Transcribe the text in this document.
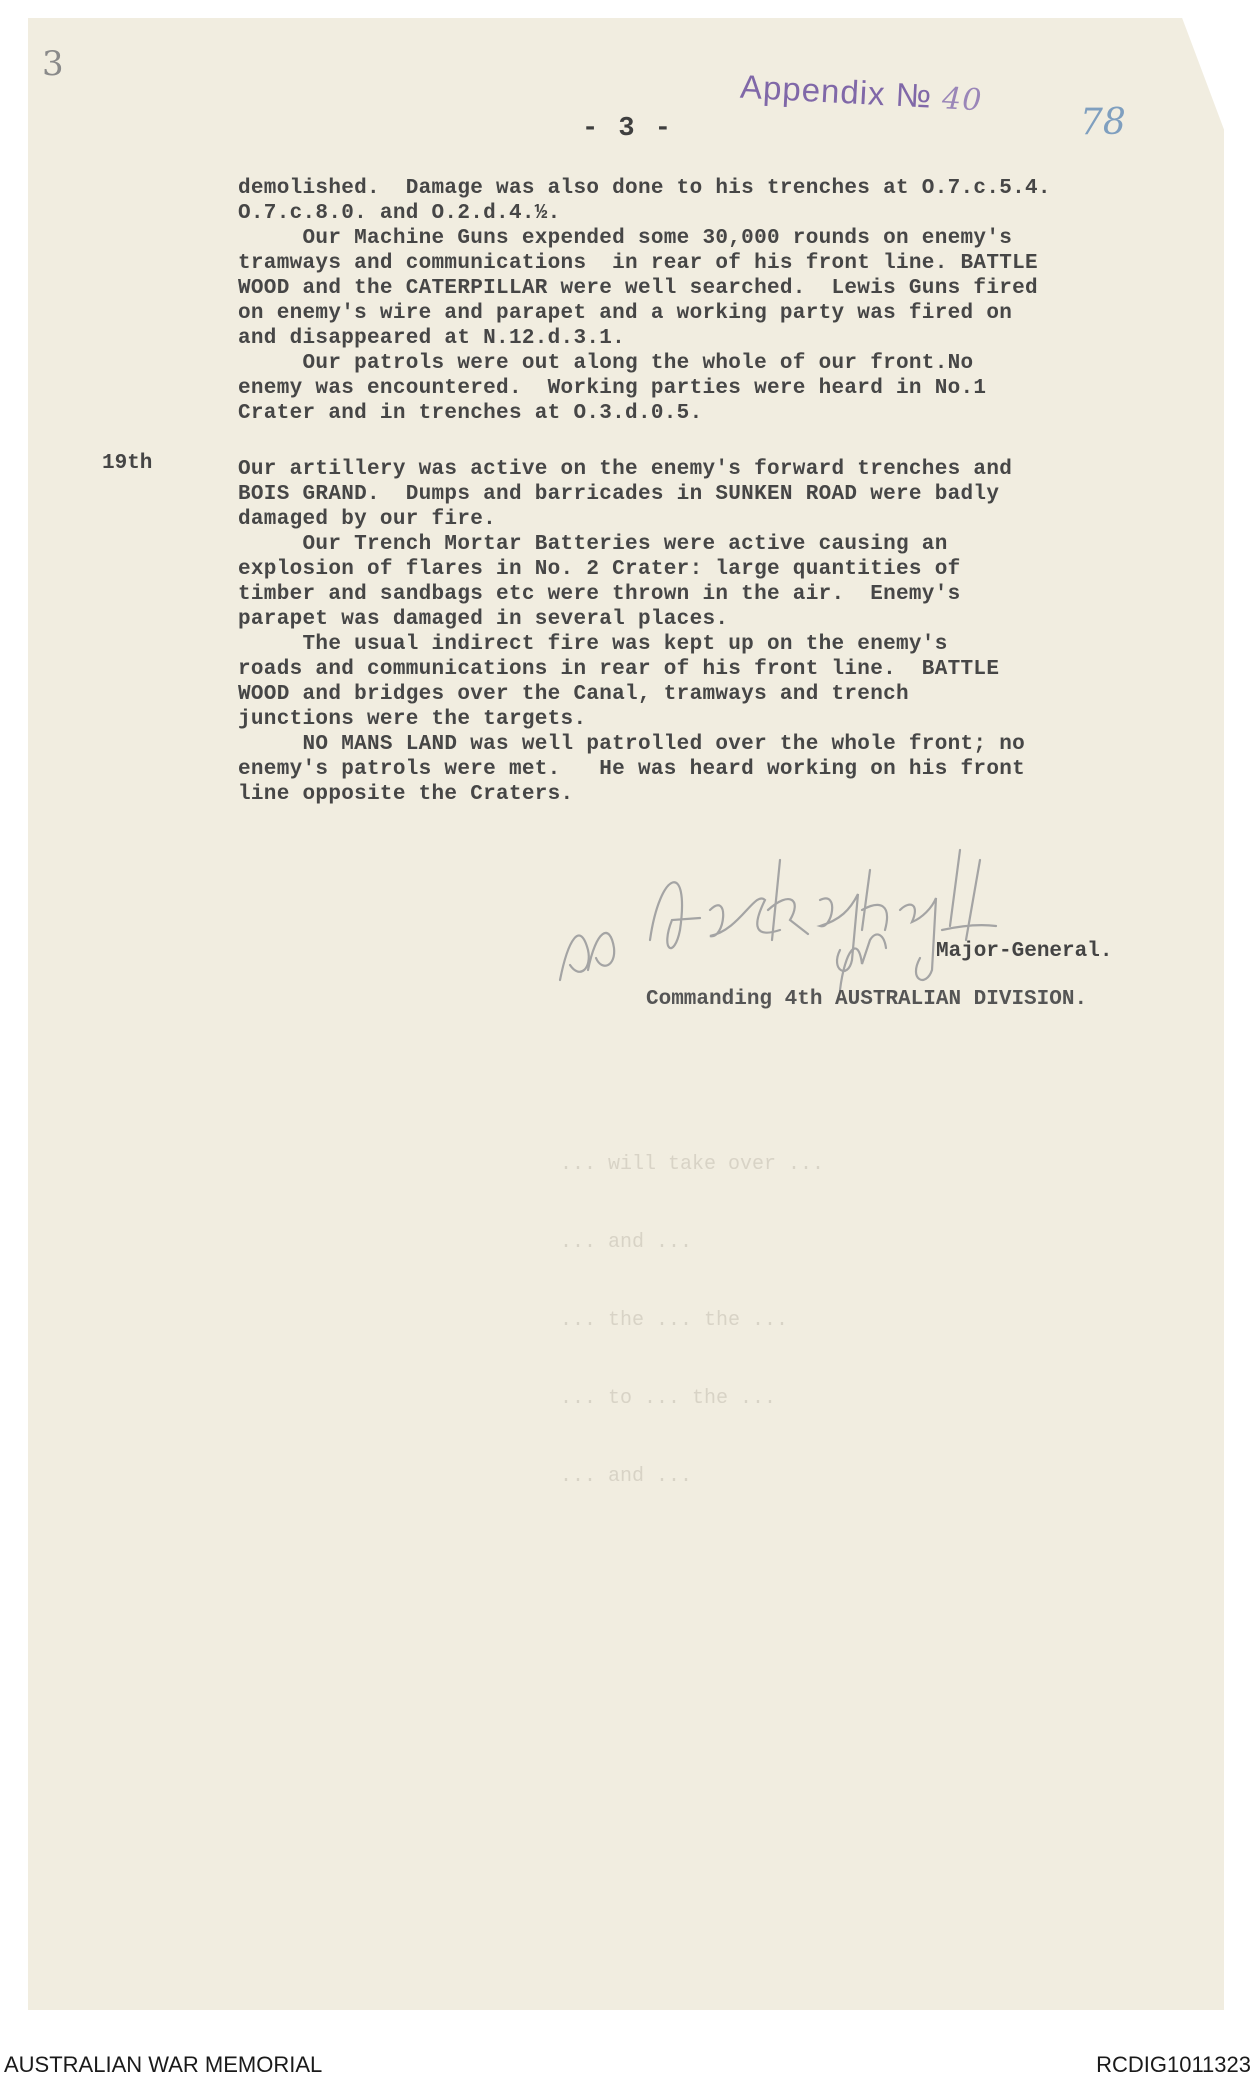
3
- 3 -
Appendix № 40
78
demolished.  Damage was also done to his trenches at O.7.c.5.4.
O.7.c.8.0. and O.2.d.4.½.
Our Machine Guns expended some 30,000 rounds on enemy's
tramways and communications  in rear of his front line. BATTLE
WOOD and the CATERPILLAR were well searched.  Lewis Guns fired
on enemy's wire and parapet and a working party was fired on
and disappeared at N.12.d.3.1.
Our patrols were out along the whole of our front.No
enemy was encountered.  Working parties were heard in No.1
Crater and in trenches at O.3.d.0.5.
19th	Our artillery was active on the enemy's forward trenches and
BOIS GRAND.  Dumps and barricades in SUNKEN ROAD were badly
damaged by our fire.
Our Trench Mortar Batteries were active causing an
explosion of flares in No. 2 Crater: large quantities of
timber and sandbags etc were thrown in the air.  Enemy's
parapet was damaged in several places.
The usual indirect fire was kept up on the enemy's
roads and communications in rear of his front line.  BATTLE
WOOD and bridges over the Canal, tramways and trench
junctions were the targets.
NO MANS LAND was well patrolled over the whole front; no
enemy's patrols were met.   He was heard working on his front
line opposite the Craters.

... will take over ...

... and ...

... the ... the ...

... to ... the ...

... and ...

Major-General.
Commanding 4th AUSTRALIAN DIVISION.
AUSTRALIAN WAR MEMORIAL	RCDIG1011323
